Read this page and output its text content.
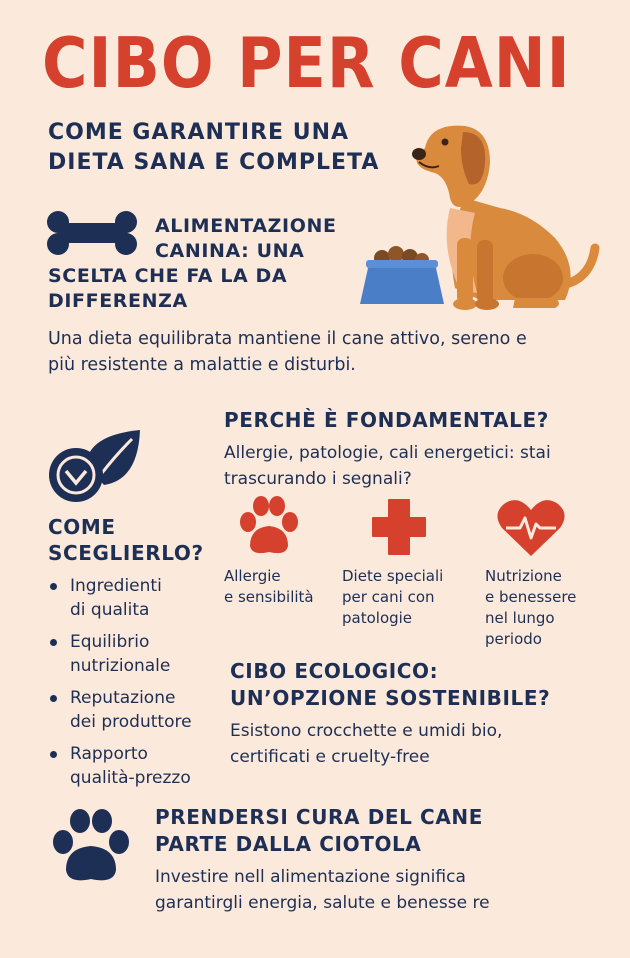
CIBO PER CANI
COME GARANTIRE UNA DIETA SANA E COMPLETA
ALIMENTAZIONE
CANINA: UNA
SCELTA CHE FA LA DA
DIFFERENZA
Una dieta equilibrata mantiene il cane attivo, sereno e più resistente a malattie e disturbi.
PERCHÈ È FONDAMENTALE?
Allergie, patologie, cali energetici: stai trascurando i segnali?
COME
SCEGLIERLO?
Ingredienti
di qualita
Equilibrio
nutrizionale
Reputazione
dei produttore
Rapporto
qualità-prezzo
Allergie
e sensibilità
Diete speciali
per cani con
patologie
Nutrizione
e benessere
nel lungo
periodo
CIBO ECOLOGICO:
UN’OPZIONE SOSTENIBILE?
Esistono crocchette e umidi bio, certificati e cruelty-free
PRENDERSI CURA DEL CANE
PARTE DALLA CIOTOLA
Investire nell alimentazione significa garantirgli energia, salute e benesse re
